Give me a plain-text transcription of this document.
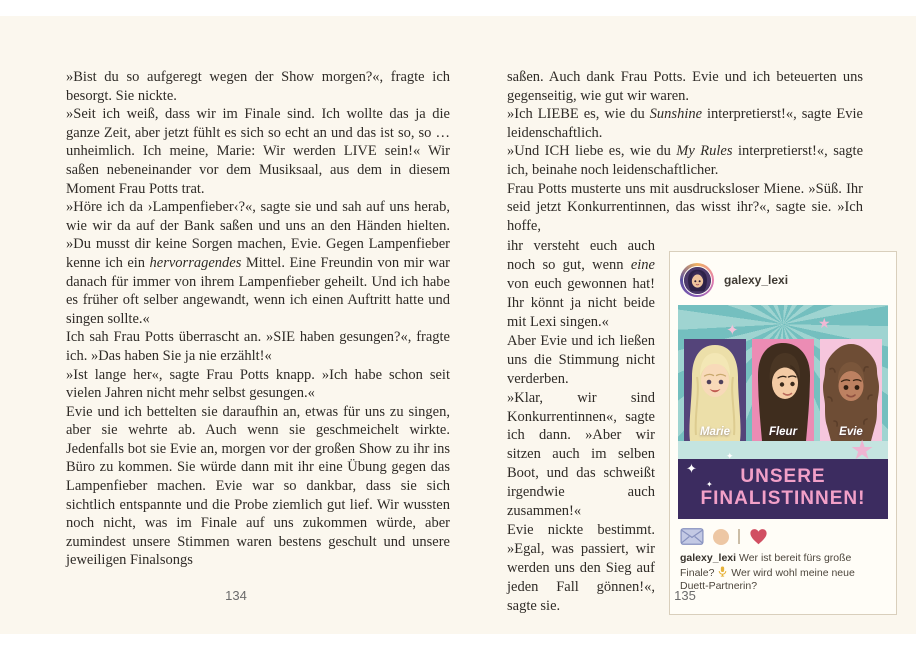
»Bist du so aufgeregt wegen der Show morgen?«, fragte ich besorgt. Sie nickte.

»Seit ich weiß, dass wir im Finale sind. Ich wollte das ja die ganze Zeit, aber jetzt fühlt es sich so echt an und das ist so, so … unheimlich. Ich meine, Marie: Wir werden LIVE sein!« Wir saßen nebeneinander vor dem Musiksaal, aus dem in diesem Moment Frau Potts trat.

»Höre ich da ›Lampenfieber‹?«, sagte sie und sah auf uns herab, wie wir da auf der Bank saßen und uns an den Händen hielten. »Du musst dir keine Sorgen machen, Evie. Gegen Lampenfieber kenne ich ein hervorragendes Mittel. Eine Freundin von mir war danach für immer von ihrem Lampenfieber geheilt. Und ich habe es früher oft selber angewandt, wenn ich einen Auftritt hatte und singen sollte.«

Ich sah Frau Potts überrascht an. »SIE haben gesungen?«, fragte ich. »Das haben Sie ja nie erzählt!«

»Ist lange her«, sagte Frau Potts knapp. »Ich habe schon seit vielen Jahren nicht mehr selbst gesungen.«

Evie und ich bettelten sie daraufhin an, etwas für uns zu singen, aber sie wehrte ab. Auch wenn sie geschmeichelt wirkte. Jedenfalls bot sie Evie an, morgen vor der großen Show zu ihr ins Büro zu kommen. Sie würde dann mit ihr eine Übung gegen das Lampenfieber machen. Evie war so dankbar, dass sie sich sichtlich entspannte und die Probe ziemlich gut lief. Wir wussten noch nicht, was im Finale auf uns zukommen würde, aber zumindest unsere Stimmen waren bestens geschult und unsere jeweiligen Finalsongs

134

saßen. Auch dank Frau Potts. Evie und ich beteuerten uns gegenseitig, wie gut wir waren.

»Ich LIEBE es, wie du Sunshine interpretierst!«, sagte Evie leidenschaftlich.

»Und ICH liebe es, wie du My Rules interpretierst!«, sagte ich, beinahe noch leidenschaftlicher.

Frau Potts musterte uns mit ausdrucksloser Miene. »Süß. Ihr seid jetzt Konkurrentinnen, das wisst ihr?«, sagte sie. »Ich hoffe,

ihr versteht euch auch noch so gut, wenn eine von euch gewonnen hat! Ihr könnt ja nicht beide mit Lexi singen.«

Aber Evie und ich ließen uns die Stimmung nicht verderben.

»Klar, wir sind Konkurrentinnen«, sagte ich dann. »Aber wir sitzen auch im selben Boot, und das schweißt irgendwie auch zusammen!«

Evie nickte bestimmt. »Egal, was passiert, wir werden uns den Sieg auf jeden Fall gönnen!«, sagte sie.

galexy_lexi
✦	★
Marie	Fleur	Evie
UNSERE
FINALISTINNEN!
✦
✦
✦	★
galexy_lexi Wer ist bereit fürs große Finale? Wer wird wohl meine neue Duett-Partnerin?
135
